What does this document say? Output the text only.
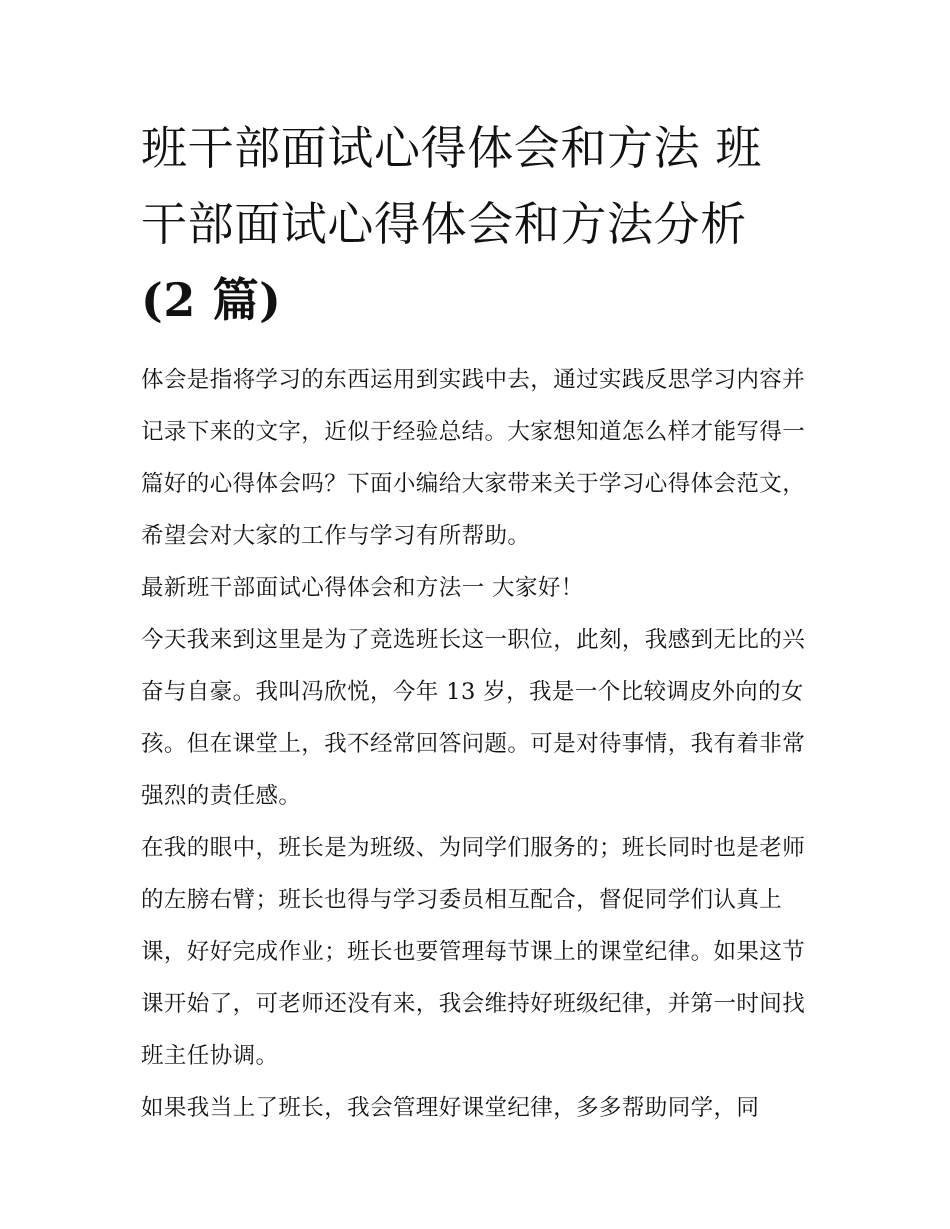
班干部面试心得体会和方法 班
干部面试心得体会和方法分析
(2 篇)

体会是指将学习的东西运用到实践中去，通过实践反思学习内容并记录下来的文字，近似于经验总结。大家想知道怎么样才能写得一篇好的心得体会吗？下面小编给大家带来关于学习心得体会范文，希望会对大家的工作与学习有所帮助。

最新班干部面试心得体会和方法一 大家好！

今天我来到这里是为了竞选班长这一职位，此刻，我感到无比的兴奋与自豪。我叫冯欣悦，今年 13 岁，我是一个比较调皮外向的女孩。但在课堂上，我不经常回答问题。可是对待事情，我有着非常强烈的责任感。

在我的眼中，班长是为班级、为同学们服务的；班长同时也是老师的左膀右臂；班长也得与学习委员相互配合，督促同学们认真上课，好好完成作业；班长也要管理每节课上的课堂纪律。如果这节课开始了，可老师还没有来，我会维持好班级纪律，并第一时间找班主任协调。

如果我当上了班长，我会管理好课堂纪律，多多帮助同学，同
